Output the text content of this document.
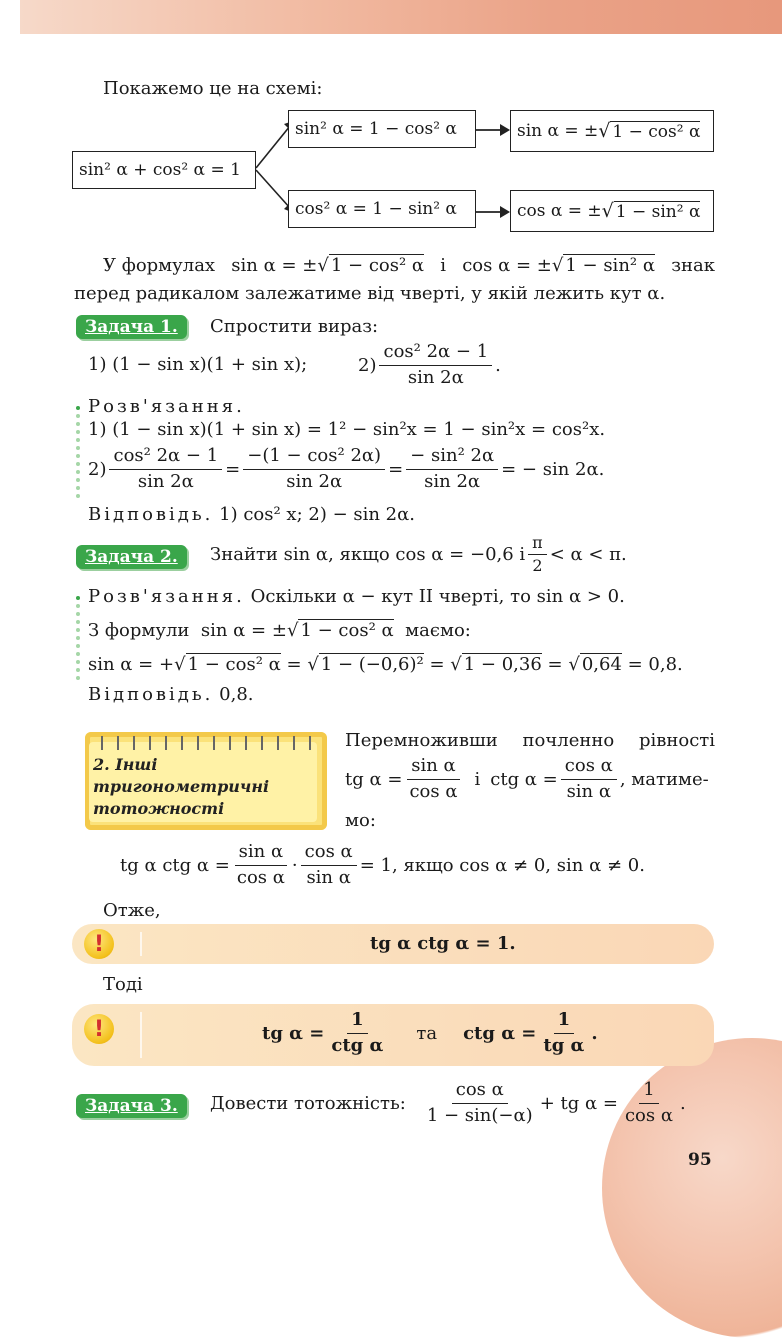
Покажемо це на схемі:
sin² α + cos² α = 1
sin² α = 1 − cos² α	sin α = ± √ 1 − cos² α
cos² α = 1 − sin² α	cos α = ± √ 1 − sin² α
У формулах sin α = ±√ 1 − cos² α і cos α = ±√ 1 − sin² α знак
перед радикалом залежатиме від чверті, у якій лежить кут α.
Задача 1.	Спростити вираз:
1) (1 − sin x)(1 + sin x);	$2) \frac{\text{cos² 2α − 1}}{\sin 2\alpha}$ .
Розв'язання.
1) (1 − sin x)(1 + sin x) = 1² − sin²x = 1 − sin²x = cos²x.
$2) \frac{\text{cos² 2α − 1}}{\sin 2\alpha} = \frac{\text{−(1 − cos² 2α)}}{\sin 2\alpha} = \frac{\text{− sin² 2α}}{\sin 2\alpha}$ = − sin 2α.
Відповідь. 1) cos² x; 2) − sin 2α.
Задача 2.	Знайти sin α, якщо cos α = −0,6 і $\frac{\pi}{2} < \alpha < \pi$.
Розв'язання. Оскільки α − кут II чверті, то sin α > 0.
З формули sin α = ±√ 1 − cos² α маємо:
sin α = +√ 1 − cos² α = √ 1 − (−0,6)² = √ 1 − 0,36 = √ 0,64 = 0,8.
Відповідь. 0,8.
2. Інші
тригонометричні
тотожності
Перемноживши почленно рівності
tg $\alpha = \frac{\text{sin α}}{\text{cos α}}$ і ctg $\alpha = \frac{\text{cos α}}{\text{sin α}}$ , матиме-
мо:
tg α ctg $\alpha = \frac{\text{sin α}}{\text{cos α}} \cdot \frac{\text{cos α}}{\text{sin α}} = 1$, якщо cos α ≠ 0, sin α ≠ 0.
Отже,
!	tg α ctg α = 1.
Тоді
!	tg $\alpha = \frac{1}{\text{ctg α}}$ та ctg $\alpha = \frac{1}{\text{tg α}}$ .
Задача 3.	Довести тотожність: $\frac{\text{cos α}}{1 - \sin(-\alpha)}$ + tg $\alpha = \frac{1}{\text{cos α}}$ .
95
